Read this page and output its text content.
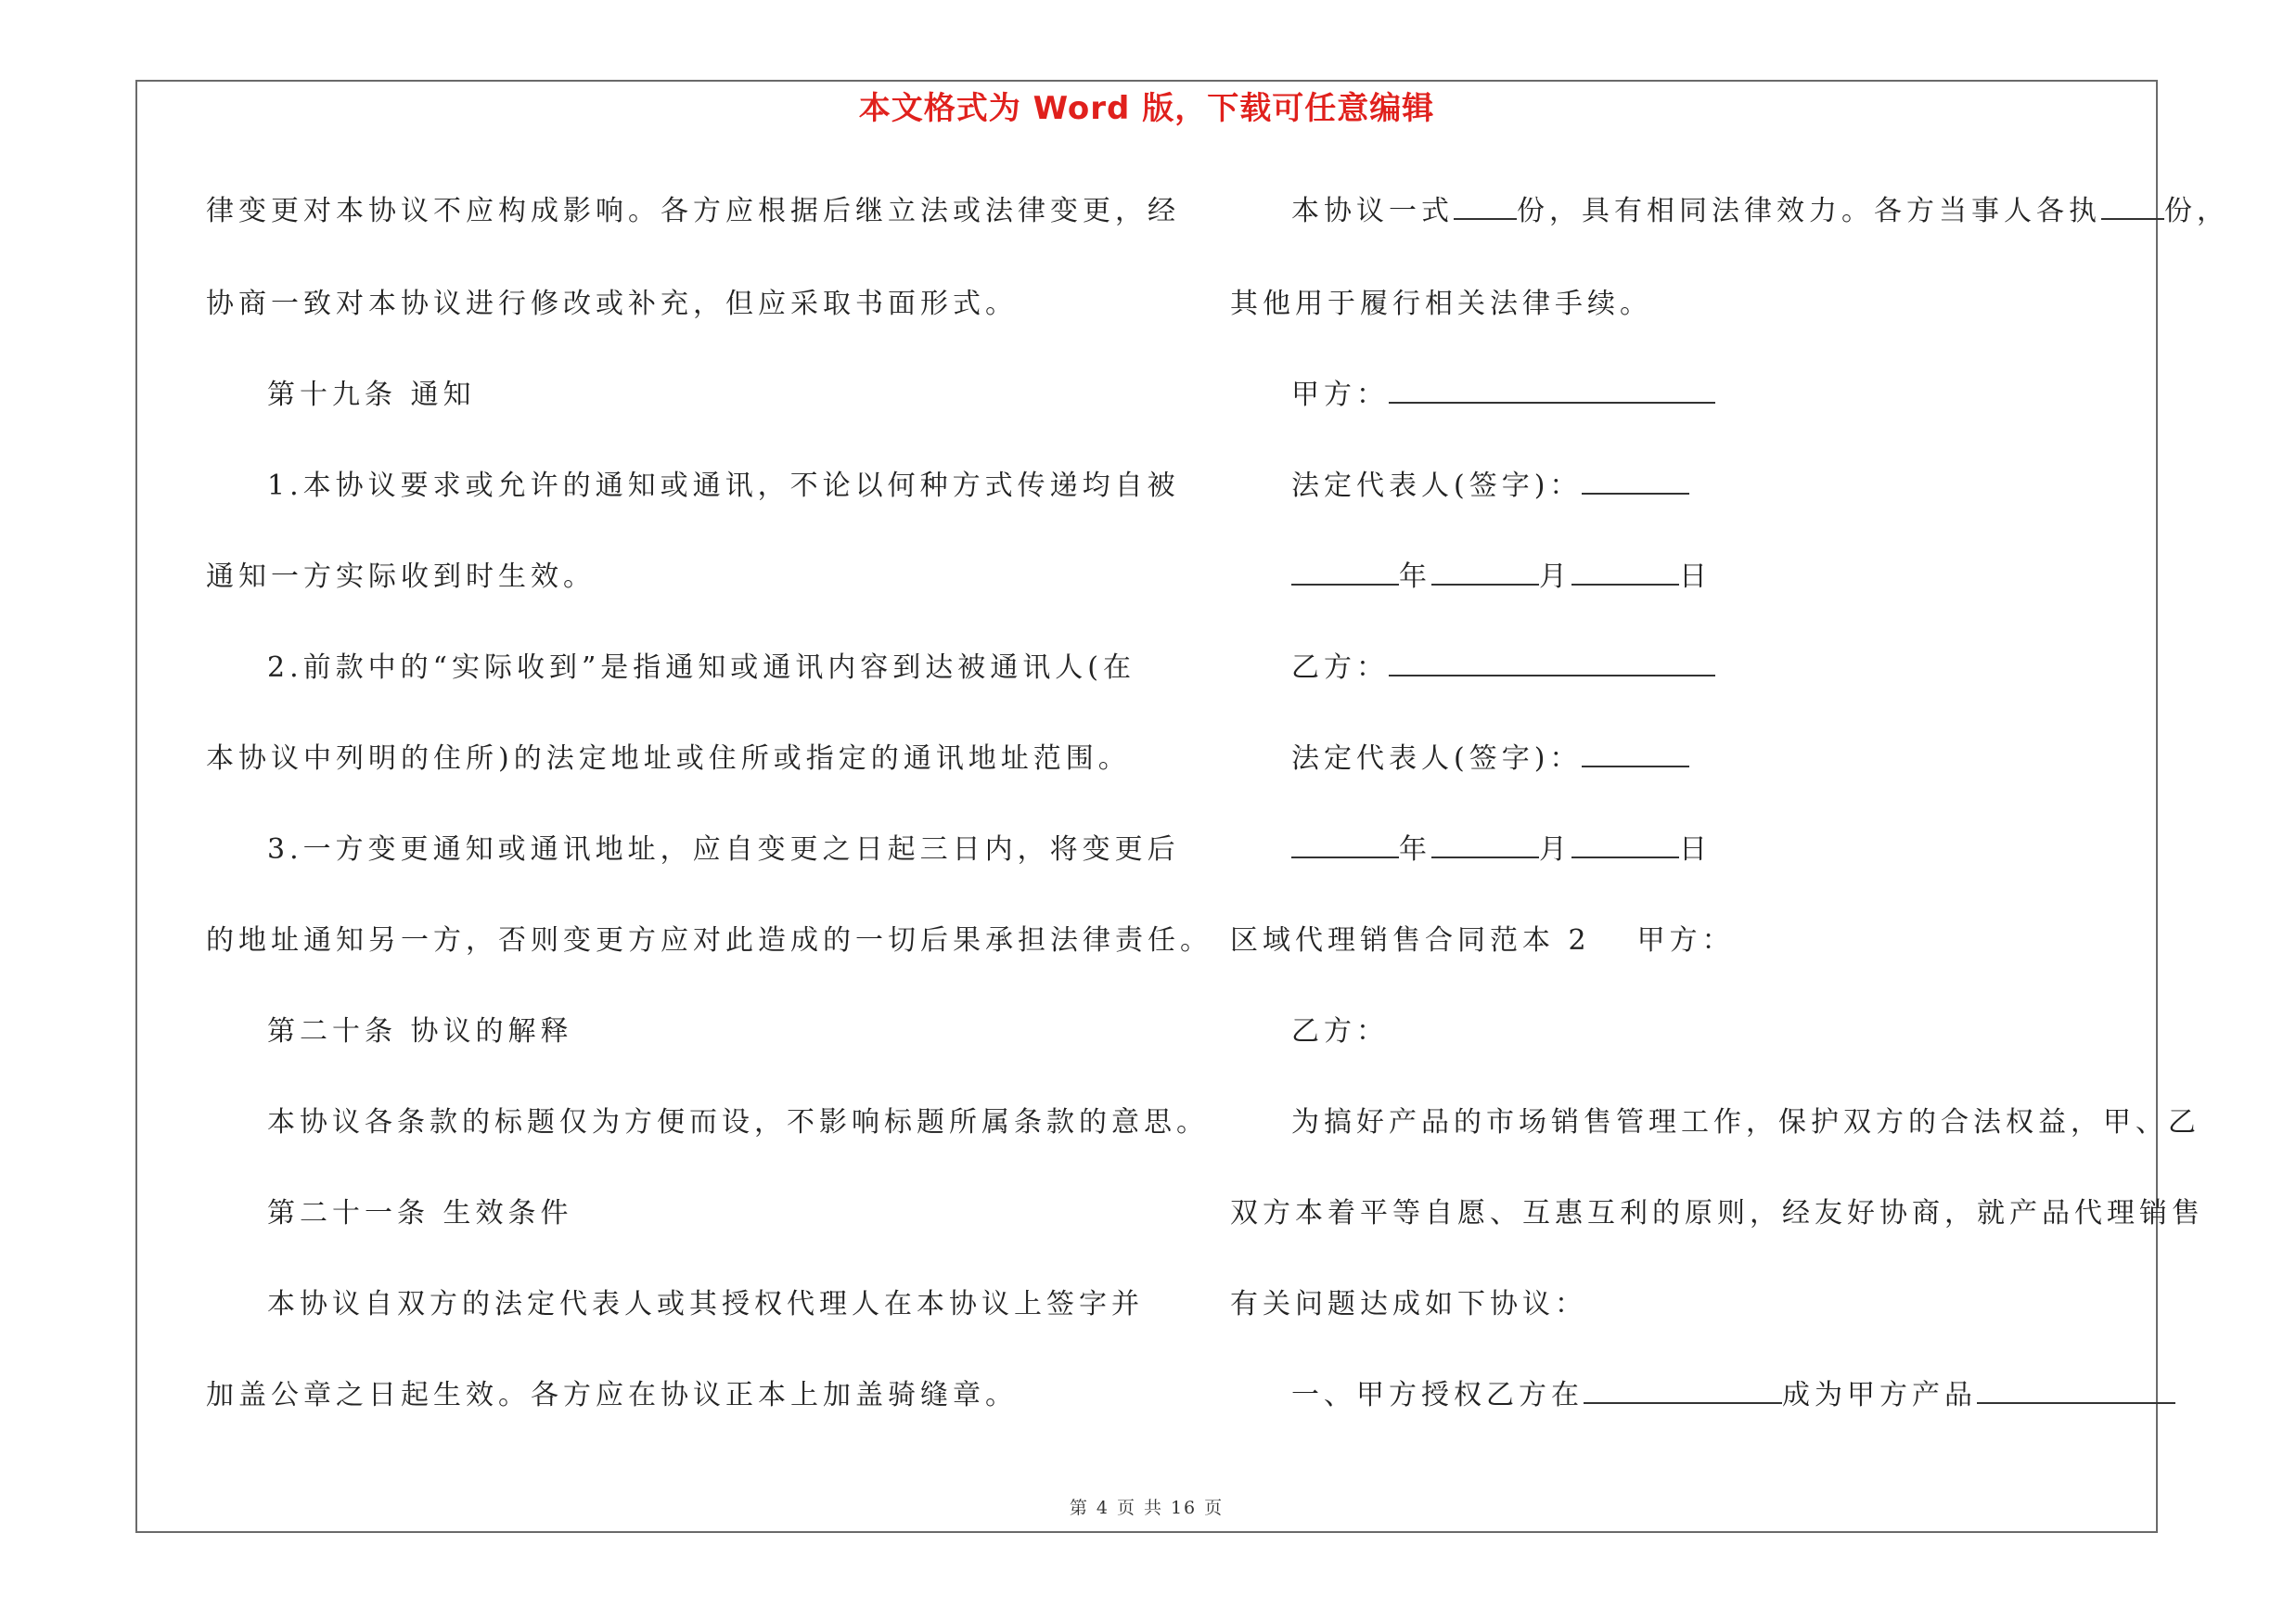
本文格式为 Word 版，下载可任意编辑
律变更对本协议不应构成影响。各方应根据后继立法或法律变更，经
协商一致对本协议进行修改或补充，但应采取书面形式。
第十九条 通知
1.本协议要求或允许的通知或通讯，不论以何种方式传递均自被
通知一方实际收到时生效。
2.前款中的“实际收到”是指通知或通讯内容到达被通讯人(在
本协议中列明的住所)的法定地址或住所或指定的通讯地址范围。
3.一方变更通知或通讯地址，应自变更之日起三日内，将变更后
的地址通知另一方，否则变更方应对此造成的一切后果承担法律责任。
第二十条 协议的解释
本协议各条款的标题仅为方便而设，不影响标题所属条款的意思。
第二十一条 生效条件
本协议自双方的法定代表人或其授权代理人在本协议上签字并
加盖公章之日起生效。各方应在协议正本上加盖骑缝章。
本协议一式 份，具有相同法律效力。各方当事人各执 份，
其他用于履行相关法律手续。
甲方：
法定代表人(签字)：
年	月	日
乙方：
法定代表人(签字)：
年	月	日
区域代理销售合同范本 2 甲方：
乙方：
为搞好产品的市场销售管理工作，保护双方的合法权益，甲、乙
双方本着平等自愿、互惠互利的原则，经友好协商，就产品代理销售
有关问题达成如下协议：
一、甲方授权乙方在	成为甲方产品
第 4 页 共 16 页
